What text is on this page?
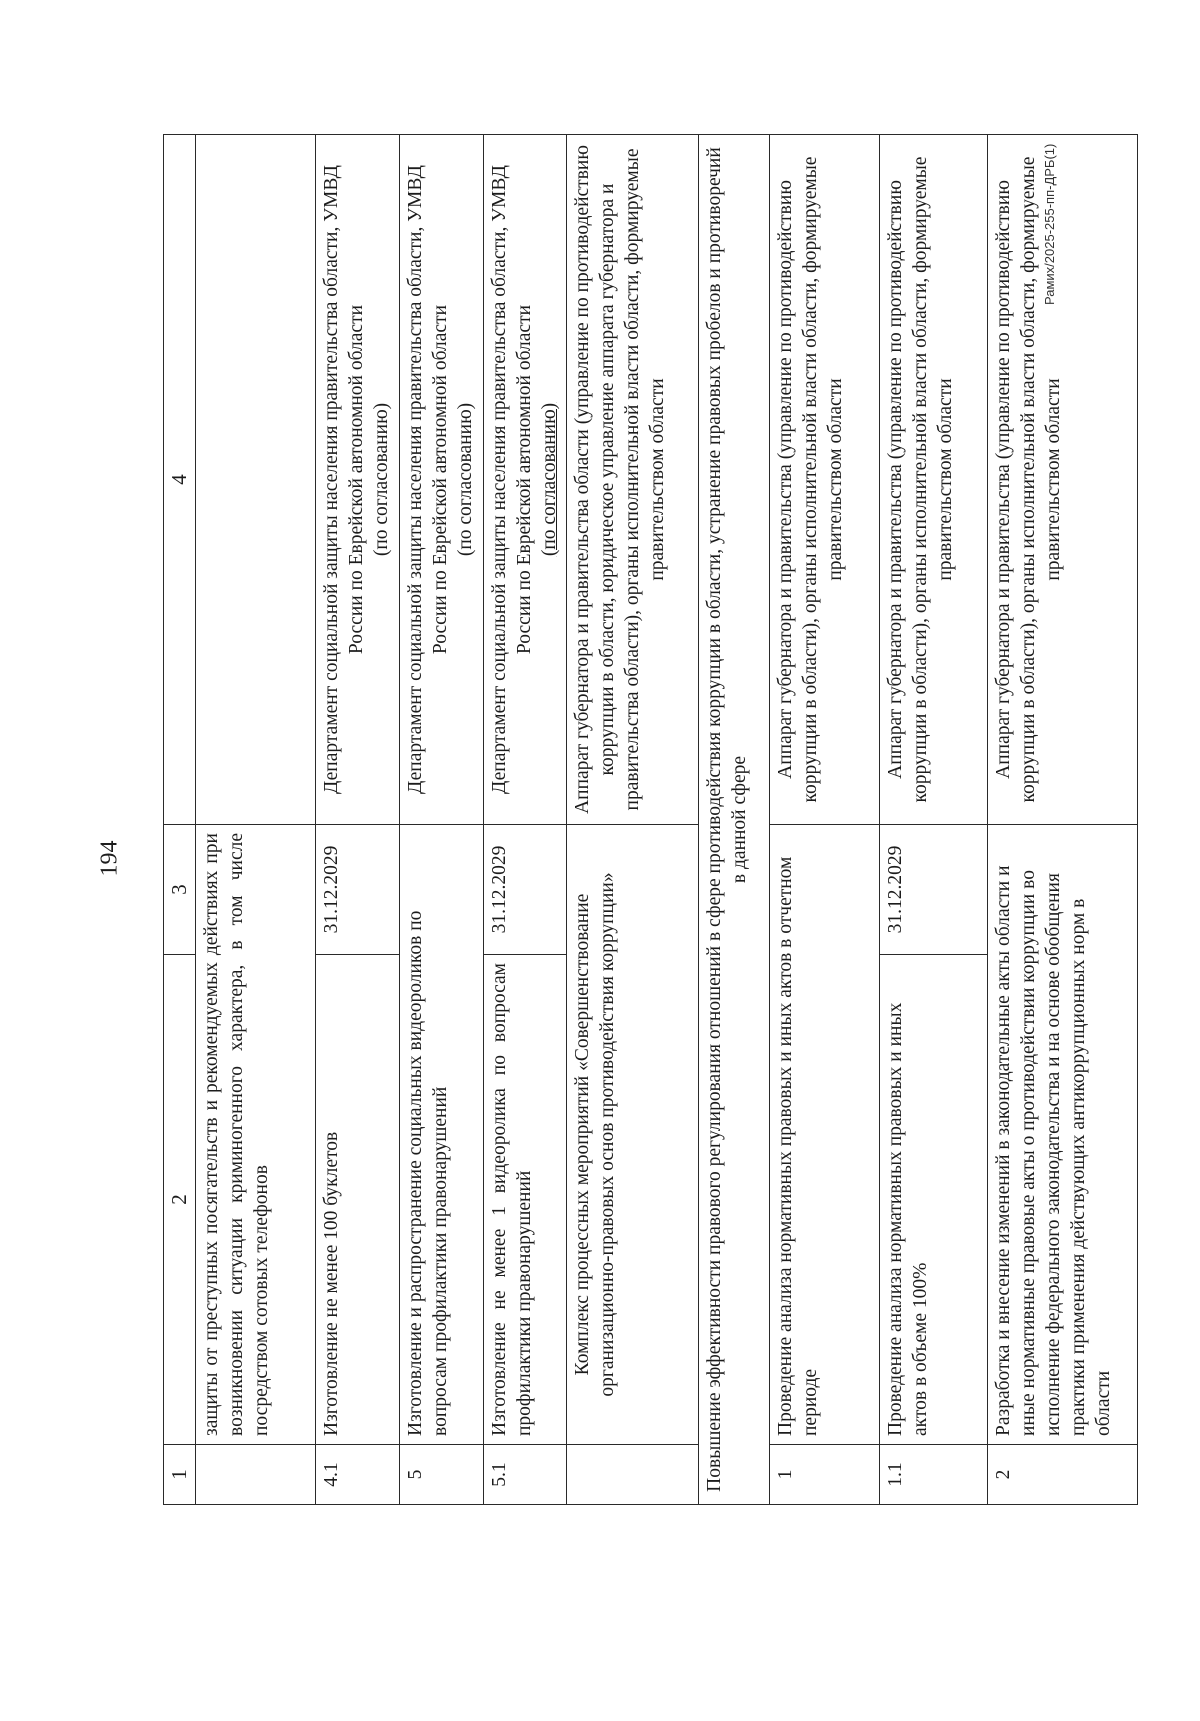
194
1	2	3	4
	защиты от преступных посягательств и рекомендуемых действиях при возникновении ситуации криминогенного характера, в том числе посредством сотовых телефонов		
4.1	Изготовление не менее 100 буклетов	31.12.2029	Департамент социальной защиты населения правительства области, УМВД России по Еврейской автономной области (по согласованию)
5	Изготовление и распространение социальных видеороликов по вопросам профилактики правонарушений		Департамент социальной защиты населения правительства области, УМВД России по Еврейской автономной области (по согласованию)
5.1	Изготовление не менее 1 видеоролика по вопросам профилактики правонарушений	31.12.2029	Департамент социальной защиты населения правительства области, УМВД России по Еврейской автономной области (по согласованию)
	Комплекс процессных мероприятий «Совершенствование организационно-правовых основ противодействия коррупции»		Аппарат губернатора и правительства области (управление по противодействию коррупции в области, юридическое управление аппарата губернатора и правительства области), органы исполнительной власти области, формируемые правительством области
Повышение эффективности правового регулирования отношений в сфере противодействия коррупции в области, устранение правовых пробелов и противоречий в данной сфере			
1	Проведение анализа нормативных правовых и иных актов в отчетном периоде		Аппарат губернатора и правительства (управление по противодействию коррупции в области), органы исполнительной власти области, формируемые правительством области
1.1	Проведение анализа нормативных правовых и иных актов в объеме 100%	31.12.2029	Аппарат губернатора и правительства (управление по противодействию коррупции в области), органы исполнительной власти области, формируемые правительством области
2	Разработка и внесение изменений в законодательные акты области и иные нормативные правовые акты о противодействии коррупции во исполнение федерального законодательства и на основе обобщения практики применения действующих антикоррупционных норм в области		Аппарат губернатора и правительства (управление по противодействию коррупции в области), органы исполнительной власти области, формируемые правительством области
Рамих/2025-255-пп-ДРБ(1)
